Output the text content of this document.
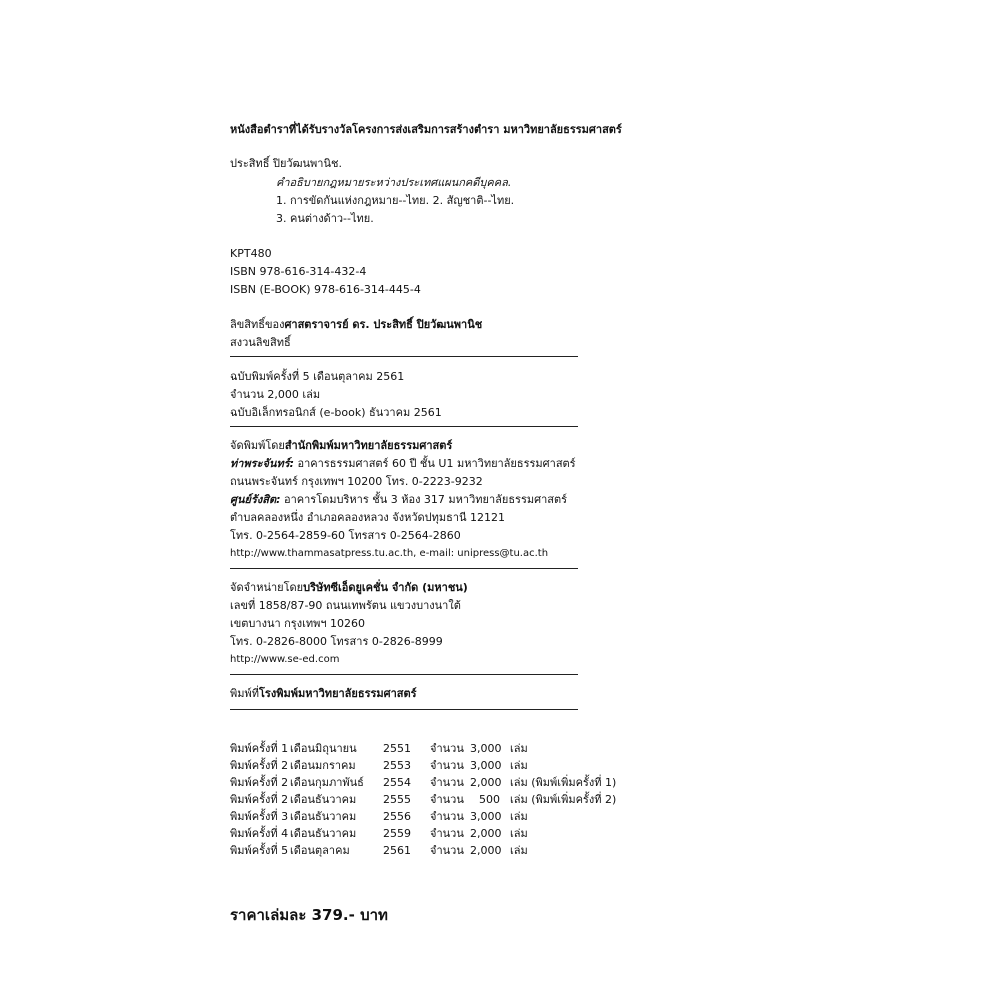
หนังสือตำราที่ได้รับรางวัลโครงการส่งเสริมการสร้างตำรา มหาวิทยาลัยธรรมศาสตร์
ประสิทธิ์ ปิยวัฒนพานิช.
คำอธิบายกฎหมายระหว่างประเทศแผนกคดีบุคคล.
1. การขัดกันแห่งกฎหมาย--ไทย. 2. สัญชาติ--ไทย.
3. คนต่างด้าว--ไทย.
KPT480
ISBN 978-616-314-432-4
ISBN (E-BOOK) 978-616-314-445-4
ลิขสิทธิ์ของศาสตราจารย์ ดร. ประสิทธิ์ ปิยวัฒนพานิช
สงวนลิขสิทธิ์
ฉบับพิมพ์ครั้งที่ 5 เดือนตุลาคม 2561
จำนวน 2,000 เล่ม
ฉบับอิเล็กทรอนิกส์ (e-book) ธันวาคม 2561
จัดพิมพ์โดยสำนักพิมพ์มหาวิทยาลัยธรรมศาสตร์
ท่าพระจันทร์: อาคารธรรมศาสตร์ 60 ปี ชั้น U1 มหาวิทยาลัยธรรมศาสตร์
ถนนพระจันทร์ กรุงเทพฯ 10200 โทร. 0-2223-9232
ศูนย์รังสิต: อาคารโดมบริหาร ชั้น 3 ห้อง 317 มหาวิทยาลัยธรรมศาสตร์
ตำบลคลองหนึ่ง อำเภอคลองหลวง จังหวัดปทุมธานี 12121
โทร. 0-2564-2859-60 โทรสาร 0-2564-2860
http://www.thammasatpress.tu.ac.th, e-mail: unipress@tu.ac.th
จัดจำหน่ายโดยบริษัทซีเอ็ดยูเคชั่น จำกัด (มหาชน)
เลขที่ 1858/87-90 ถนนเทพรัตน แขวงบางนาใต้
เขตบางนา กรุงเทพฯ 10260
โทร. 0-2826-8000 โทรสาร 0-2826-8999
http://www.se-ed.com
พิมพ์ที่โรงพิมพ์มหาวิทยาลัยธรรมศาสตร์
พิมพ์ครั้งที่ 1 เดือนมิถุนายน	2551 จำนวน 3,000 เล่ม
พิมพ์ครั้งที่ 2 เดือนมกราคม	2553 จำนวน 3,000 เล่ม
พิมพ์ครั้งที่ 2 เดือนกุมภาพันธ์	2554 จำนวน 2,000 เล่ม (พิมพ์เพิ่มครั้งที่ 1)
พิมพ์ครั้งที่ 2 เดือนธันวาคม	2555 จำนวน	500 เล่ม (พิมพ์เพิ่มครั้งที่ 2)
พิมพ์ครั้งที่ 3 เดือนธันวาคม	2556 จำนวน 3,000 เล่ม
พิมพ์ครั้งที่ 4 เดือนธันวาคม	2559 จำนวน 2,000 เล่ม
พิมพ์ครั้งที่ 5 เดือนตุลาคม	2561 จำนวน 2,000 เล่ม
ราคาเล่มละ 379.- บาท
